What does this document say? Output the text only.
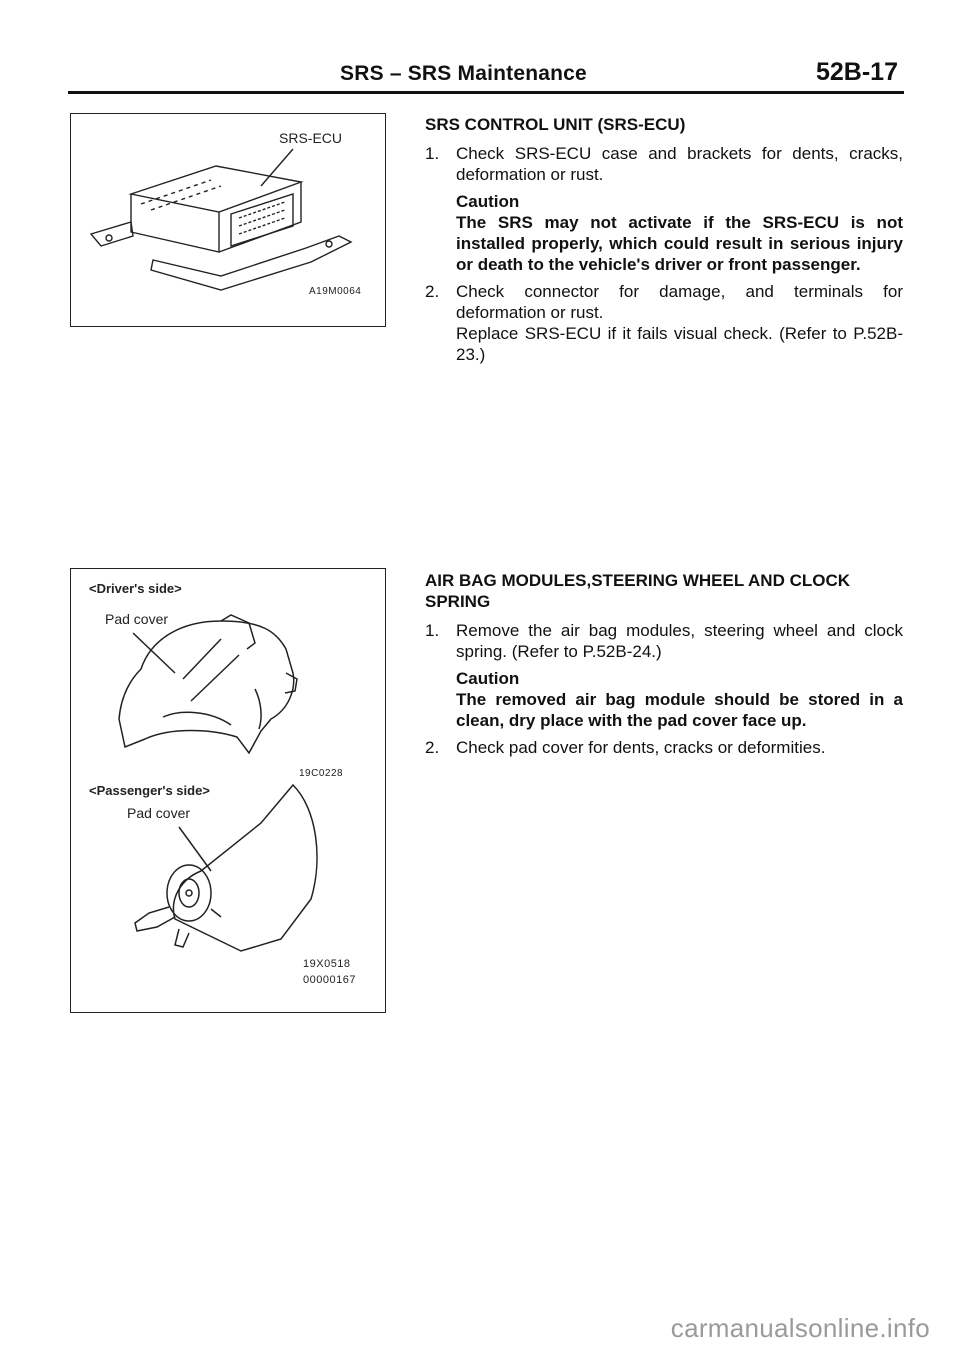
SRS – SRS Maintenance	52B-17
SRS-ECU
A19M0064
SRS CONTROL UNIT (SRS-ECU)
1. Check SRS-ECU case and brackets for dents, cracks, deformation or rust.
Caution
The SRS may not activate if the SRS-ECU is not installed properly, which could result in serious injury or death to the vehicle's driver or front passenger.
2. Check connector for damage, and terminals for deformation or rust.
Replace SRS-ECU if it fails visual check. (Refer to P.52B-23.)
<Driver's side>
Pad cover
19C0228
<Passenger's side>
Pad cover
19X0518
00000167
AIR BAG MODULES,STEERING WHEEL AND CLOCK SPRING
1. Remove the air bag modules, steering wheel and clock spring. (Refer to P.52B-24.)
Caution
The removed air bag module should be stored in a clean, dry place with the pad cover face up.
2. Check pad cover for dents, cracks or deformities.
carmanualsonline.info
